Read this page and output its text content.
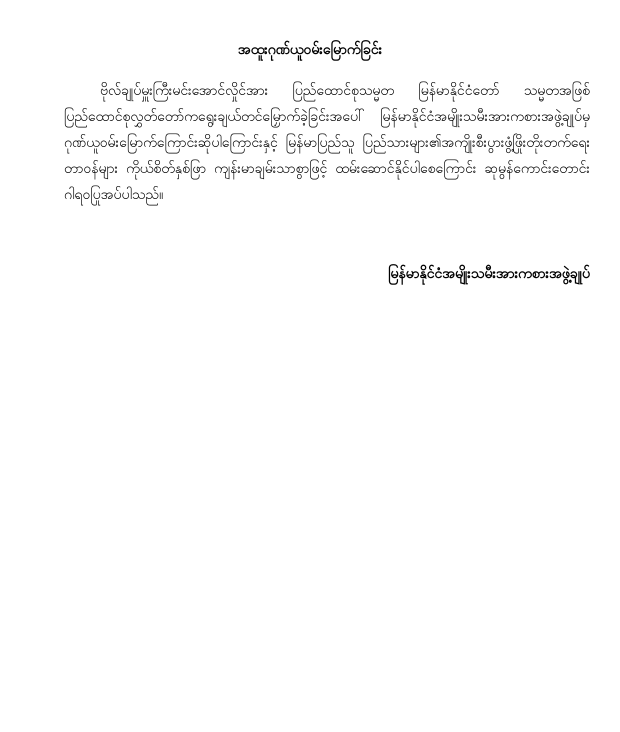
အထူးဂုဏ်ယူဝမ်းမြောက်ခြင်း

ဗိုလ်ချုပ်မှူးကြီးမင်းအောင်လှိုင်အား ပြည်ထောင်စုသမ္မတ မြန်မာနိုင်ငံတော် သမ္မတအဖြစ် ပြည်ထောင်စုလွှတ်တော်ကရွေးချယ်တင်မြှောက်ခဲ့ခြင်းအပေါ် မြန်မာနိုင်ငံအမျိုးသမီးအားကစားအဖွဲ့ချုပ်မှ ဂုဏ်ယူဝမ်းမြောက်ကြောင်းဆိုပါကြောင်းနှင့် မြန်မာပြည်သူ ပြည်သားများ၏အကျိုးစီးပွားဖွံ့ဖြိုးတိုးတက်ရေးတာဝန်များ ကိုယ်စိတ်နှစ်ဖြာ ကျန်းမာချမ်းသာစွာဖြင့် ထမ်းဆောင်နိုင်ပါစေကြောင်း ဆုမွန်ကောင်းတောင်းဂါရဝပြုအပ်ပါသည်။

မြန်မာနိုင်ငံအမျိုးသမီးအားကစားအဖွဲ့ချုပ်
